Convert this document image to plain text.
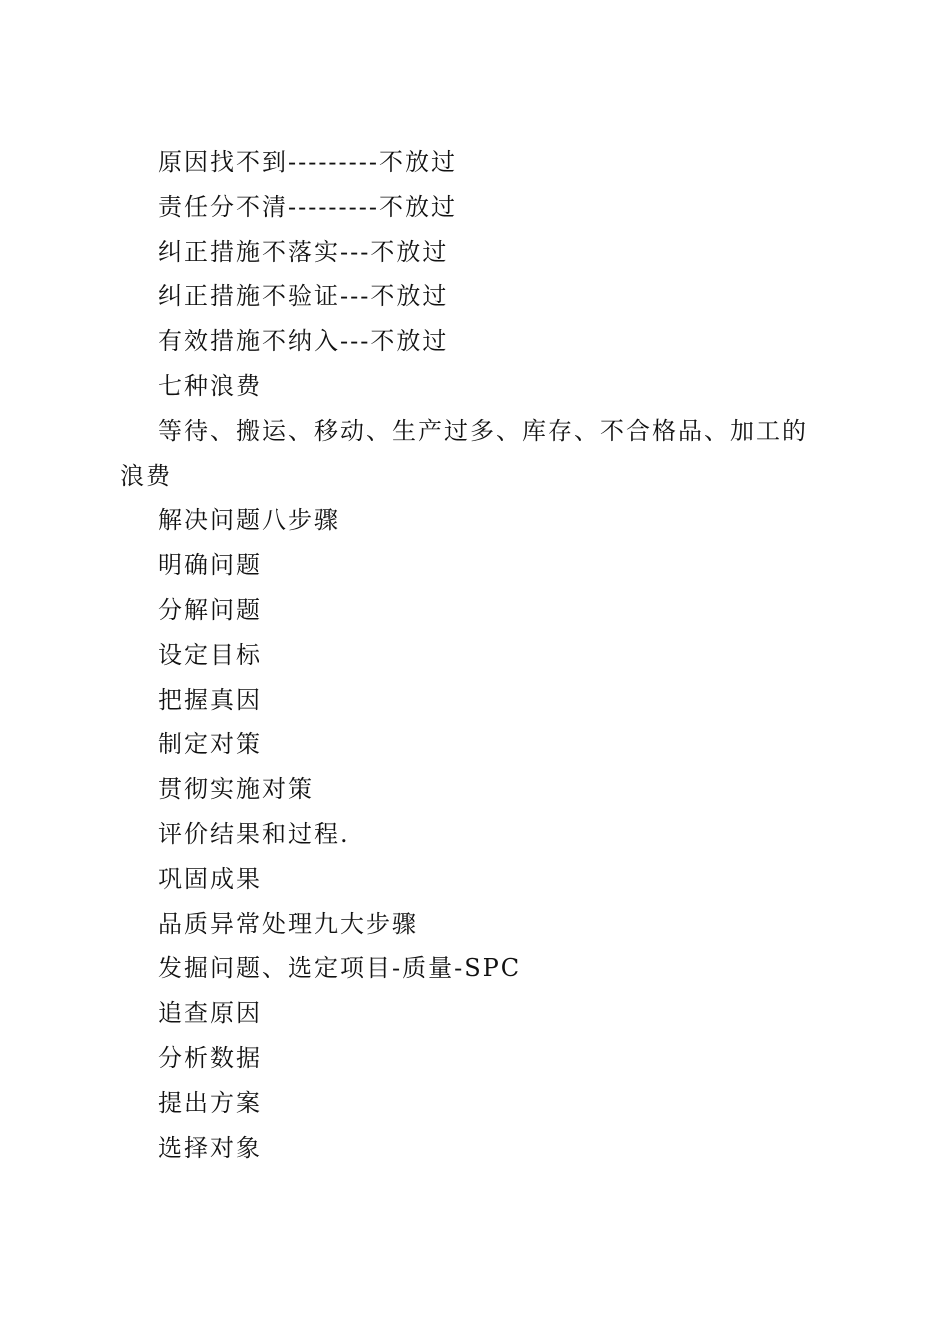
原因找不到---------不放过

责任分不清---------不放过

纠正措施不落实---不放过

纠正措施不验证---不放过

有效措施不纳入---不放过

七种浪费

等待、搬运、移动、生产过多、库存、不合格品、加工的浪费

解决问题八步骤

明确问题

分解问题

设定目标

把握真因

制定对策

贯彻实施对策

评价结果和过程.

巩固成果

品质异常处理九大步骤

发掘问题、选定项目-质量-SPC

追查原因

分析数据

提出方案

选择对象
